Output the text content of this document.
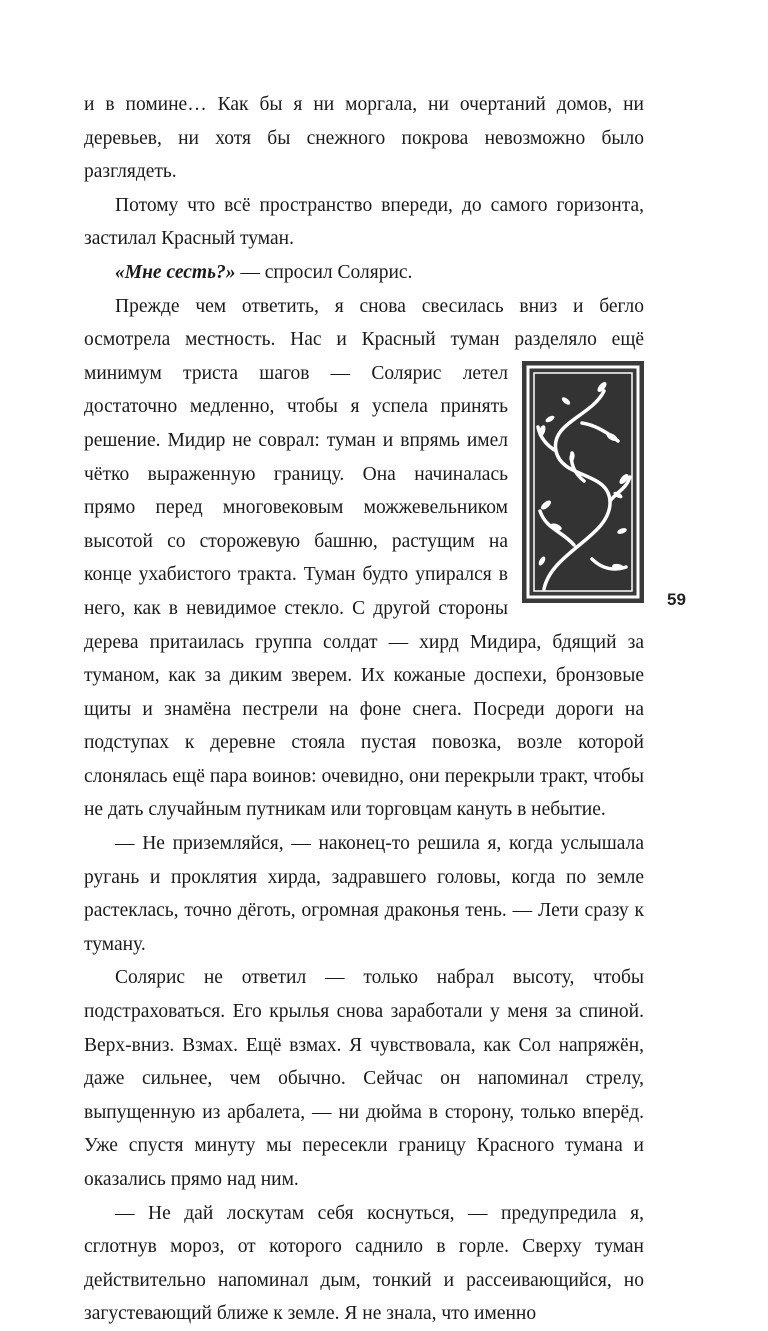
и в помине… Как бы я ни моргала, ни очертаний домов, ни деревьев, ни хотя бы снежного покрова невозможно было разглядеть.

Потому что всё пространство впереди, до самого горизонта, застилал Красный туман.

«Мне сесть?» — спросил Солярис.

Прежде чем ответить, я снова свесилась вниз и бегло осмотрела местность. Нас и Красный туман разделяло ещё
минимум триста шагов — Солярис летел достаточно медленно, чтобы я успела принять решение. Мидир не соврал: туман и впрямь имел чётко выраженную границу. Она начиналась прямо перед многовековым можжевельником высотой со сторожевую башню, растущим на конце ухабистого тракта. Туман будто упирался в него, как в невидимое стекло. С другой стороны дерева притаилась группа солдат — хирд Мидира, бдящий за туманом, как за диким зверем. Их кожаные доспехи, бронзовые щиты и знамёна пестрели на фоне снега. Посреди дороги на подступах к деревне стояла пустая повозка, возле которой слонялась ещё пара воинов: очевидно, они перекрыли тракт, чтобы не дать случайным путникам или торговцам кануть в небытие.

— Не приземляйся, — наконец-то решила я, когда услышала ругань и проклятия хирда, задравшего головы, когда по земле растеклась, точно дёготь, огромная драконья тень. — Лети сразу к туману.

Солярис не ответил — только набрал высоту, чтобы подстраховаться. Его крылья снова заработали у меня за спиной. Верх-вниз. Взмах. Ещё взмах. Я чувствовала, как Сол напряжён, даже сильнее, чем обычно. Сейчас он напоминал стрелу, выпущенную из арбалета, — ни дюйма в сторону, только вперёд. Уже спустя минуту мы пересекли границу Красного тумана и оказались прямо над ним.

— Не дай лоскутам себя коснуться, — предупредила я, сглотнув мороз, от которого саднило в горле. Сверху туман действительно напоминал дым, тонкий и рассеивающийся, но загустевающий ближе к земле. Я не знала, что именно

59
